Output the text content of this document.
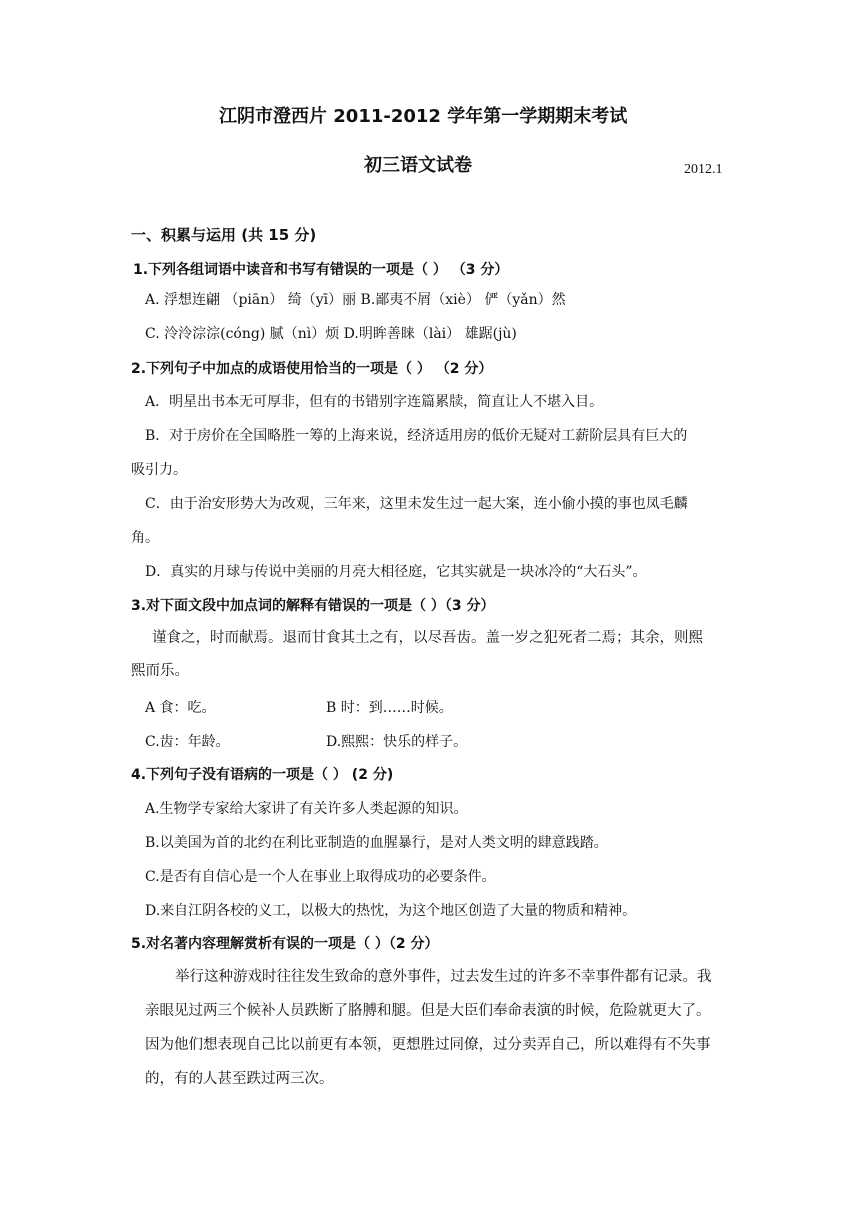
江阴市澄西片 2011-2012 学年第一学期期末考试
初三语文试卷	2012.1
一、积累与运用 (共 15 分)
1.下列各组词语中读音和书写有错误的一项是（ ） （3 分）
A. 浮想连翩 （piān） 绮（yī）丽 B.鄙夷不屑（xiè） 俨（yǎn）然
C. 泠泠淙淙(cóng) 腻（nì）烦 D.明眸善睐（lài） 雄踞(jù)
2.下列句子中加点的成语使用恰当的一项是（ ） （2 分）
A．明星出书本无可厚非，但有的书错别字连篇累牍，简直让人不堪入目。
B．对于房价在全国略胜一筹的上海来说，经济适用房的低价无疑对工薪阶层具有巨大的
吸引力。
C．由于治安形势大为改观，三年来，这里未发生过一起大案，连小偷小摸的事也凤毛麟
角。
D．真实的月球与传说中美丽的月亮大相径庭，它其实就是一块冰冷的“大石头”。
3.对下面文段中加点词的解释有错误的一项是（ ）（3 分）
谨食之，时而献焉。退而甘食其土之有，以尽吾齿。盖一岁之犯死者二焉；其余，则熙
熙而乐。
A 食：吃。	B 时：到……时候。
C.齿：年龄。	D.熙熙：快乐的样子。
4.下列句子没有语病的一项是（ ） (2 分)
A.生物学专家给大家讲了有关许多人类起源的知识。
B.以美国为首的北约在利比亚制造的血腥暴行，是对人类文明的肆意践踏。
C.是否有自信心是一个人在事业上取得成功的必要条件。
D.来自江阴各校的义工，以极大的热忱，为这个地区创造了大量的物质和精神。
5.对名著内容理解赏析有误的一项是（ ）（2 分）
举行这种游戏时往往发生致命的意外事件，过去发生过的许多不幸事件都有记录。我
亲眼见过两三个候补人员跌断了胳膊和腿。但是大臣们奉命表演的时候，危险就更大了。
因为他们想表现自己比以前更有本领，更想胜过同僚，过分卖弄自己，所以难得有不失事
的，有的人甚至跌过两三次。
